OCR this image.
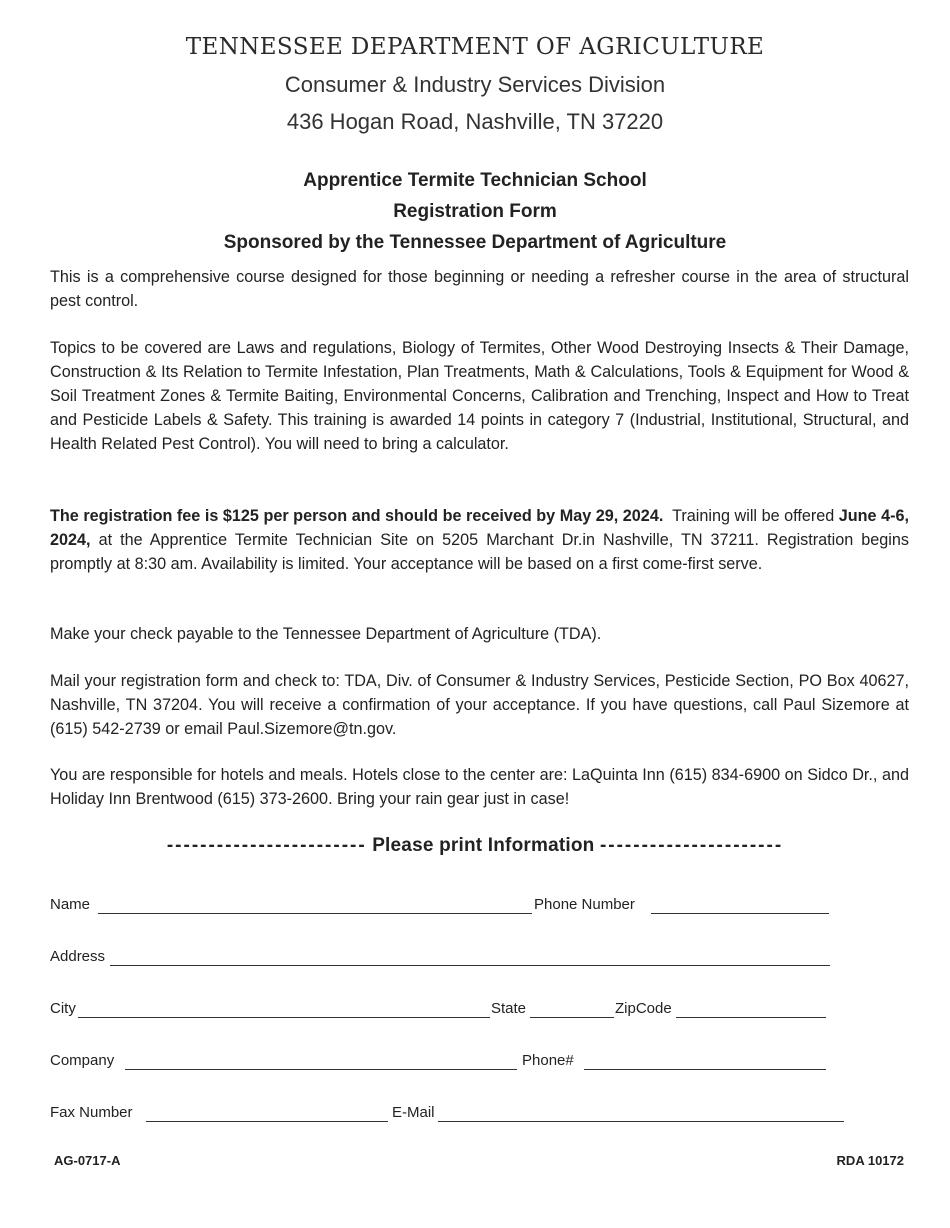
TENNESSEE DEPARTMENT OF AGRICULTURE
Consumer & Industry Services Division
436 Hogan Road, Nashville, TN 37220
Apprentice Termite Technician School
Registration Form
Sponsored by the Tennessee Department of Agriculture

This is a comprehensive course designed for those beginning or needing a refresher course in the area of structural pest control.

Topics to be covered are Laws and regulations, Biology of Termites, Other Wood Destroying Insects & Their Damage, Construction & Its Relation to Termite Infestation, Plan Treatments, Math & Calculations, Tools & Equipment for Wood & Soil Treatment Zones & Termite Baiting, Environmental Concerns, Calibration and Trenching, Inspect and How to Treat and Pesticide Labels & Safety. This training is awarded 14 points in category 7 (Industrial, Institutional, Structural, and Health Related Pest Control). You will need to bring a calculator.

The registration fee is $125 per person and should be received by May 29, 2024. Training will be offered June 4-6, 2024, at the Apprentice Termite Technician Site on 5205 Marchant Dr.in Nashville, TN 37211. Registration begins promptly at 8:30 am. Availability is limited. Your acceptance will be based on a first come-first serve.

Make your check payable to the Tennessee Department of Agriculture (TDA).

Mail your registration form and check to: TDA, Div. of Consumer & Industry Services, Pesticide Section, PO Box 40627, Nashville, TN 37204. You will receive a confirmation of your acceptance. If you have questions, call Paul Sizemore at (615) 542-2739 or email Paul.Sizemore@tn.gov.

You are responsible for hotels and meals. Hotels close to the center are: LaQuinta Inn (615) 834-6900 on Sidco Dr., and Holiday Inn Brentwood (615) 373-2600. Bring your rain gear just in case!

------------------------ Please print Information ----------------------
Name	Phone Number
Address
City	State	ZipCode
Company	Phone#
Fax Number	E-Mail
AG-0717-A	RDA 10172
